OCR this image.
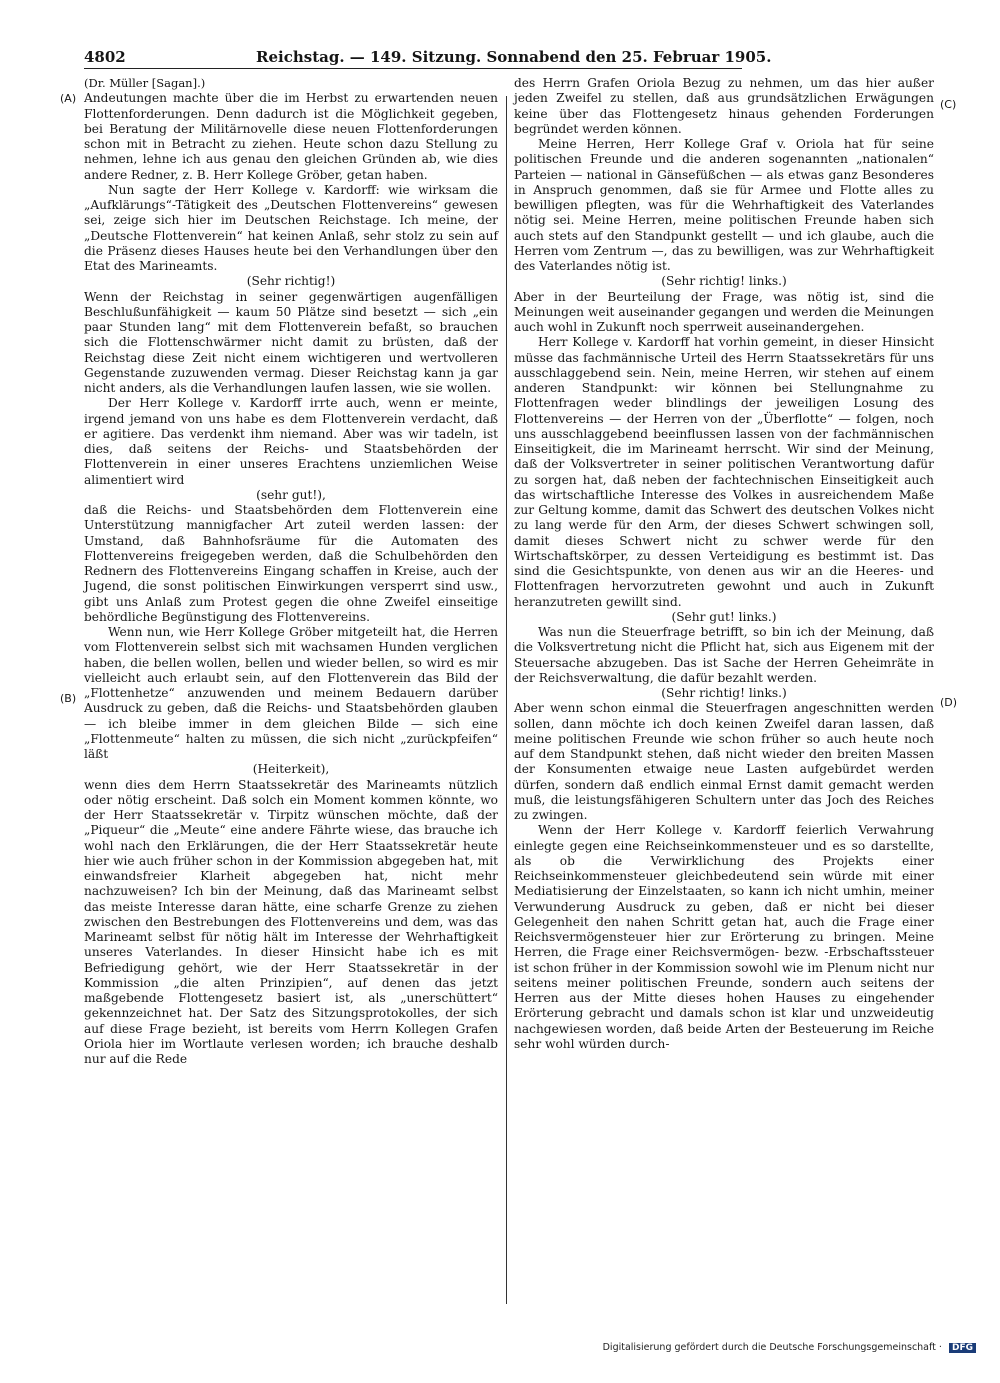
4802	Reichstag. — 149. Sitzung. Sonnabend den 25. Februar 1905.
(A)
(B)
(C)
(D)

(Dr. Müller [Sagan].)

Andeutungen machte über die im Herbst zu erwartenden neuen Flottenforderungen. Denn dadurch ist die Möglichkeit gegeben, bei Beratung der Militärnovelle diese neuen Flottenforderungen schon mit in Betracht zu ziehen. Heute schon dazu Stellung zu nehmen, lehne ich aus genau den gleichen Gründen ab, wie dies andere Redner, z. B. Herr Kollege Gröber, getan haben.

Nun sagte der Herr Kollege v. Kardorff: wie wirksam die „Aufklärungs“-Tätigkeit des „Deutschen Flottenvereins“ gewesen sei, zeige sich hier im Deutschen Reichstage. Ich meine, der „Deutsche Flottenverein“ hat keinen Anlaß, sehr stolz zu sein auf die Präsenz dieses Hauses heute bei den Verhandlungen über den Etat des Marineamts.

(Sehr richtig!)

Wenn der Reichstag in seiner gegenwärtigen augenfälligen Beschlußunfähigkeit — kaum 50 Plätze sind besetzt — sich „ein paar Stunden lang“ mit dem Flottenverein befaßt, so brauchen sich die Flottenschwärmer nicht damit zu brüsten, daß der Reichstag diese Zeit nicht einem wichtigeren und wertvolleren Gegenstande zuzuwenden vermag. Dieser Reichstag kann ja gar nicht anders, als die Verhandlungen laufen lassen, wie sie wollen.

Der Herr Kollege v. Kardorff irrte auch, wenn er meinte, irgend jemand von uns habe es dem Flottenverein verdacht, daß er agitiere. Das verdenkt ihm niemand. Aber was wir tadeln, ist dies, daß seitens der Reichs- und Staatsbehörden der Flottenverein in einer unseres Erachtens unziemlichen Weise alimentiert wird

(sehr gut!),

daß die Reichs- und Staatsbehörden dem Flottenverein eine Unterstützung mannigfacher Art zuteil werden lassen: der Umstand, daß Bahnhofsräume für die Automaten des Flottenvereins freigegeben werden, daß die Schulbehörden den Rednern des Flottenvereins Eingang schaffen in Kreise, auch der Jugend, die sonst politischen Einwirkungen versperrt sind usw., gibt uns Anlaß zum Protest gegen die ohne Zweifel einseitige behördliche Begünstigung des Flottenvereins.

Wenn nun, wie Herr Kollege Gröber mitgeteilt hat, die Herren vom Flottenverein selbst sich mit wachsamen Hunden verglichen haben, die bellen wollen, bellen und wieder bellen, so wird es mir vielleicht auch erlaubt sein, auf den Flottenverein das Bild der „Flottenhetze“ anzuwenden und meinem Bedauern darüber Ausdruck zu geben, daß die Reichs- und Staatsbehörden glauben — ich bleibe immer in dem gleichen Bilde — sich eine „Flottenmeute“ halten zu müssen, die sich nicht „zurückpfeifen“ läßt

(Heiterkeit),

wenn dies dem Herrn Staatssekretär des Marineamts nützlich oder nötig erscheint. Daß solch ein Moment kommen könnte, wo der Herr Staatssekretär v. Tirpitz wünschen möchte, daß der „Piqueur“ die „Meute“ eine andere Fährte wiese, das brauche ich wohl nach den Erklärungen, die der Herr Staatssekretär heute hier wie auch früher schon in der Kommission abgegeben hat, mit einwandsfreier Klarheit abgegeben hat, nicht mehr nachzuweisen? Ich bin der Meinung, daß das Marineamt selbst das meiste Interesse daran hätte, eine scharfe Grenze zu ziehen zwischen den Bestrebungen des Flottenvereins und dem, was das Marineamt selbst für nötig hält im Interesse der Wehrhaftigkeit unseres Vaterlandes. In dieser Hinsicht habe ich es mit Befriedigung gehört, wie der Herr Staatssekretär in der Kommission „die alten Prinzipien“, auf denen das jetzt maßgebende Flottengesetz basiert ist, als „unerschüttert“ gekennzeichnet hat. Der Satz des Sitzungsprotokolles, der sich auf diese Frage bezieht, ist bereits vom Herrn Kollegen Grafen Oriola hier im Wortlaute verlesen worden; ich brauche deshalb nur auf die Rede

des Herrn Grafen Oriola Bezug zu nehmen, um das hier außer jeden Zweifel zu stellen, daß aus grundsätzlichen Erwägungen keine über das Flottengesetz hinaus gehenden Forderungen begründet werden können.

Meine Herren, Herr Kollege Graf v. Oriola hat für seine politischen Freunde und die anderen sogenannten „nationalen“ Parteien — national in Gänsefüßchen — als etwas ganz Besonderes in Anspruch genommen, daß sie für Armee und Flotte alles zu bewilligen pflegten, was für die Wehrhaftigkeit des Vaterlandes nötig sei. Meine Herren, meine politischen Freunde haben sich auch stets auf den Standpunkt gestellt — und ich glaube, auch die Herren vom Zentrum —, das zu bewilligen, was zur Wehrhaftigkeit des Vaterlandes nötig ist.

(Sehr richtig! links.)

Aber in der Beurteilung der Frage, was nötig ist, sind die Meinungen weit auseinander gegangen und werden die Meinungen auch wohl in Zukunft noch sperrweit auseinandergehen.

Herr Kollege v. Kardorff hat vorhin gemeint, in dieser Hinsicht müsse das fachmännische Urteil des Herrn Staatssekretärs für uns ausschlaggebend sein. Nein, meine Herren, wir stehen auf einem anderen Standpunkt: wir können bei Stellungnahme zu Flottenfragen weder blindlings der jeweiligen Losung des Flottenvereins — der Herren von der „Überflotte“ — folgen, noch uns ausschlaggebend beeinflussen lassen von der fachmännischen Einseitigkeit, die im Marineamt herrscht. Wir sind der Meinung, daß der Volksvertreter in seiner politischen Verantwortung dafür zu sorgen hat, daß neben der fachtechnischen Einseitigkeit auch das wirtschaftliche Interesse des Volkes in ausreichendem Maße zur Geltung komme, damit das Schwert des deutschen Volkes nicht zu lang werde für den Arm, der dieses Schwert schwingen soll, damit dieses Schwert nicht zu schwer werde für den Wirtschaftskörper, zu dessen Verteidigung es bestimmt ist. Das sind die Gesichtspunkte, von denen aus wir an die Heeres- und Flottenfragen hervorzutreten gewohnt und auch in Zukunft heranzutreten gewillt sind.

(Sehr gut! links.)

Was nun die Steuerfrage betrifft, so bin ich der Meinung, daß die Volksvertretung nicht die Pflicht hat, sich aus Eigenem mit der Steuersache abzugeben. Das ist Sache der Herren Geheimräte in der Reichsverwaltung, die dafür bezahlt werden.

(Sehr richtig! links.)

Aber wenn schon einmal die Steuerfragen angeschnitten werden sollen, dann möchte ich doch keinen Zweifel daran lassen, daß meine politischen Freunde wie schon früher so auch heute noch auf dem Standpunkt stehen, daß nicht wieder den breiten Massen der Konsumenten etwaige neue Lasten aufgebürdet werden dürfen, sondern daß endlich einmal Ernst damit gemacht werden muß, die leistungsfähigeren Schultern unter das Joch des Reiches zu zwingen.

Wenn der Herr Kollege v. Kardorff feierlich Verwahrung einlegte gegen eine Reichseinkommensteuer und es so darstellte, als ob die Verwirklichung des Projekts einer Reichseinkommensteuer gleichbedeutend sein würde mit einer Mediatisierung der Einzelstaaten, so kann ich nicht umhin, meiner Verwunderung Ausdruck zu geben, daß er nicht bei dieser Gelegenheit den nahen Schritt getan hat, auch die Frage einer Reichsvermögensteuer hier zur Erörterung zu bringen. Meine Herren, die Frage einer Reichsvermögen- bezw. -Erbschaftssteuer ist schon früher in der Kommission sowohl wie im Plenum nicht nur seitens meiner politischen Freunde, sondern auch seitens der Herren aus der Mitte dieses hohen Hauses zu eingehender Erörterung gebracht und damals schon ist klar und unzweideutig nachgewiesen worden, daß beide Arten der Besteuerung im Reiche sehr wohl würden durch-

Digitalisierung gefördert durch die Deutsche Forschungsgemeinschaft · DFG
